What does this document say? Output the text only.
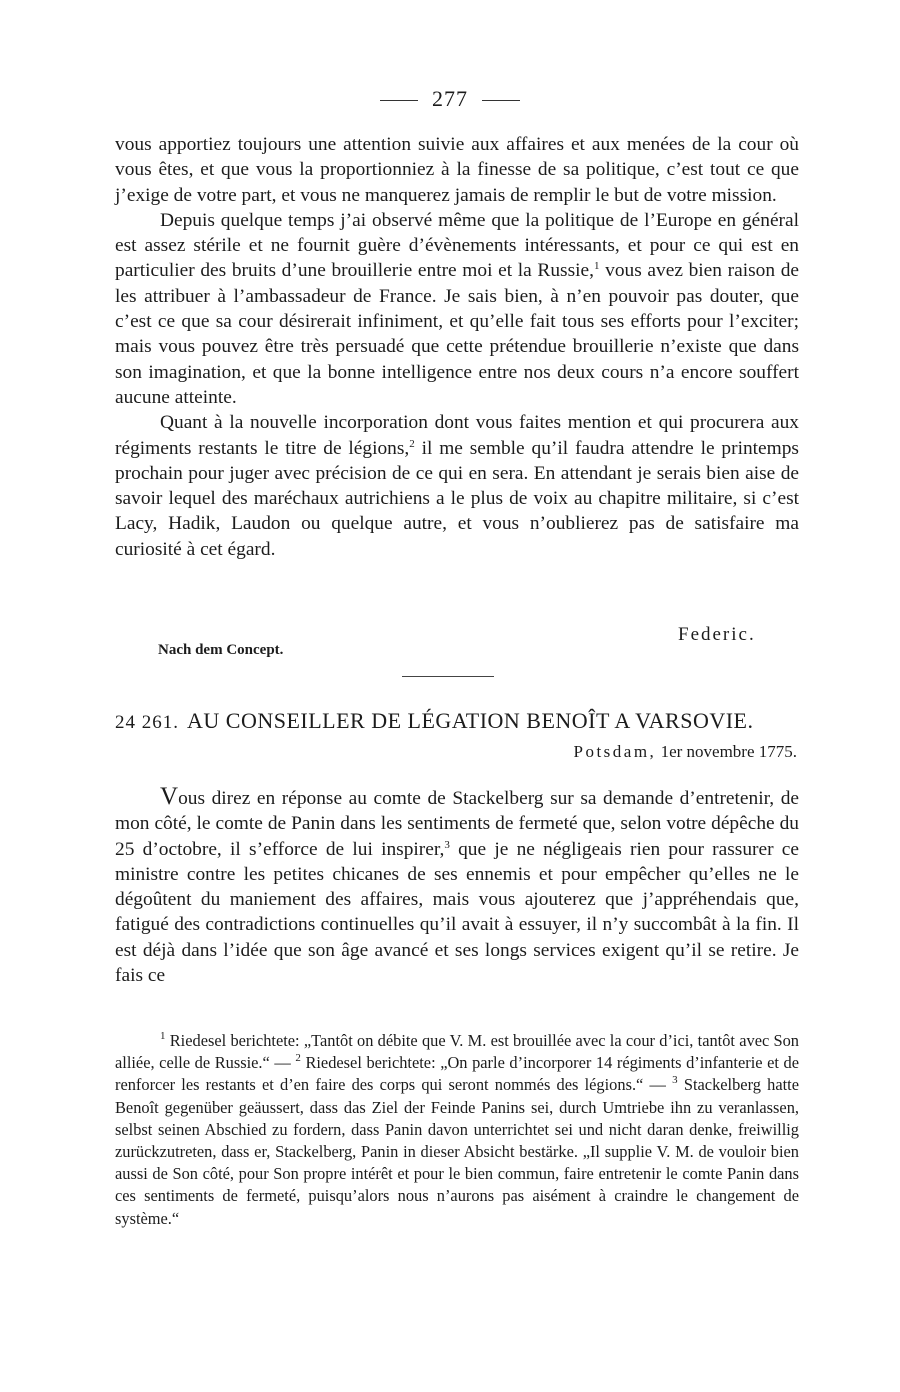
277

vous apportiez toujours une attention suivie aux affaires et aux menées de la cour où vous êtes, et que vous la proportionniez à la finesse de sa politique, c’est tout ce que j’exige de votre part, et vous ne manquerez jamais de remplir le but de votre mission.

Depuis quelque temps j’ai observé même que la politique de l’Europe en général est assez stérile et ne fournit guère d’évènements intéressants, et pour ce qui est en particulier des bruits d’une brouillerie entre moi et la Russie,$^1$ vous avez bien raison de les attribuer à l’ambassadeur de France. Je sais bien, à n’en pouvoir pas douter, que c’est ce que sa cour désirerait infiniment, et qu’elle fait tous ses efforts pour l’exciter; mais vous pouvez être très persuadé que cette prétendue brouillerie n’existe que dans son imagination, et que la bonne intelligence entre nos deux cours n’a encore souffert aucune atteinte.

Quant à la nouvelle incorporation dont vous faites mention et qui procurera aux régiments restants le titre de légions,$^2$ il me semble qu’il faudra attendre le printemps prochain pour juger avec précision de ce qui en sera. En attendant je serais bien aise de savoir lequel des maréchaux autrichiens a le plus de voix au chapitre militaire, si c’est Lacy, Hadik, Laudon ou quelque autre, et vous n’oublierez pas de satisfaire ma curiosité à cet égard.

Federic.
Nach dem Concept.
24 261. AU CONSEILLER DE LÉGATION BENOÎT A VARSOVIE.
Potsdam, 1er novembre 1775.

Vous direz en réponse au comte de Stackelberg sur sa demande d’entretenir, de mon côté, le comte de Panin dans les sentiments de fermeté que, selon votre dépêche du 25 d’octobre, il s’efforce de lui inspirer,$^3$ que je ne négligeais rien pour rassurer ce ministre contre les petites chicanes de ses ennemis et pour empêcher qu’elles ne le dégoûtent du maniement des affaires, mais vous ajouterez que j’appréhendais que, fatigué des contradictions continuelles qu’il avait à essuyer, il n’y succombât à la fin. Il est déjà dans l’idée que son âge avancé et ses longs services exigent qu’il se retire. Je fais ce

$^1$ Riedesel berichtete: „Tantôt on débite que V. M. est brouillée avec la cour d’ici, tantôt avec Son alliée, celle de Russie.“ — $^2$ Riedesel berichtete: „On parle d’incorporer 14 régiments d’infanterie et de renforcer les restants et d’en faire des corps qui seront nommés des légions.“ — $^3$ Stackelberg hatte Benoît gegenüber geäussert, dass das Ziel der Feinde Panins sei, durch Umtriebe ihn zu veranlassen, selbst seinen Abschied zu fordern, dass Panin davon unterrichtet sei und nicht daran denke, freiwillig zurückzutreten, dass er, Stackelberg, Panin in dieser Absicht bestärke. „Il supplie V. M. de vouloir bien aussi de Son côté, pour Son propre intérêt et pour le bien commun, faire entretenir le comte Panin dans ces sentiments de fermeté, puisqu’alors nous n’aurons pas aisément à craindre le changement de système.“
